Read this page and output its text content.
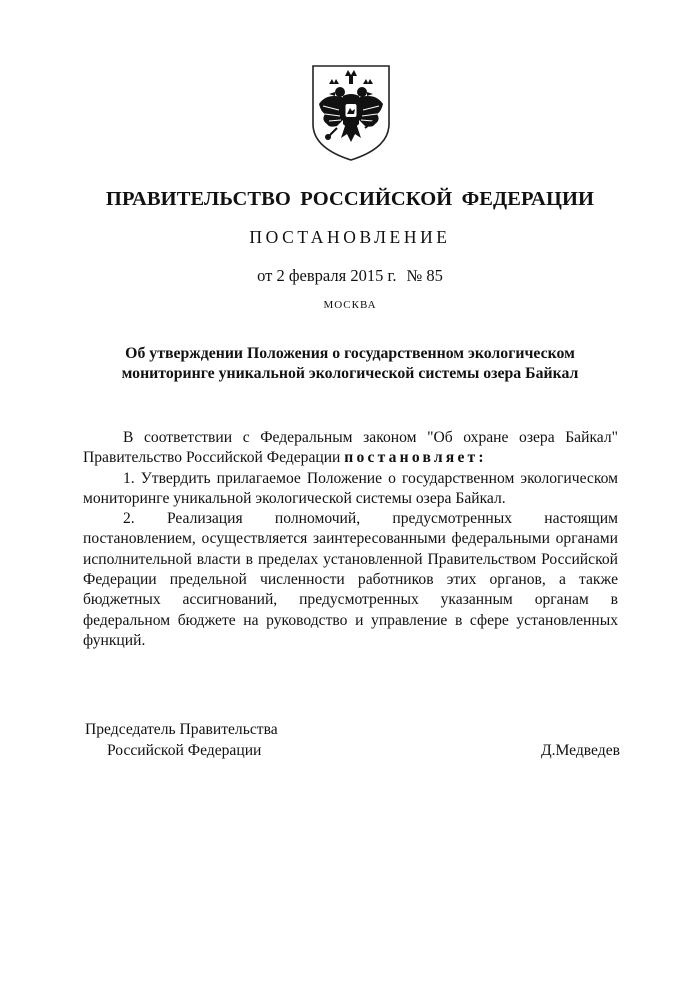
ПРАВИТЕЛЬСТВО РОССИЙСКОЙ ФЕДЕРАЦИИ
ПОСТАНОВЛЕНИЕ
от 2 февраля 2015 г. № 85
МОСКВА
Об утверждении Положения о государственном экологическом
мониторинге уникальной экологической системы озера Байкал

В соответствии с Федеральным законом "Об охране озера Байкал" Правительство Российской Федерации постановляет:

1. Утвердить прилагаемое Положение о государственном экологическом мониторинге уникальной экологической системы озера Байкал.

2. Реализация полномочий, предусмотренных настоящим постановлением, осуществляется заинтересованными федеральными органами исполнительной власти в пределах установленной Правительством Российской Федерации предельной численности работников этих органов, а также бюджетных ассигнований, предусмотренных указанным органам в федеральном бюджете на руководство и управление в сфере установленных функций.

Председатель Правительства
Российской Федерации	Д.Медведев
